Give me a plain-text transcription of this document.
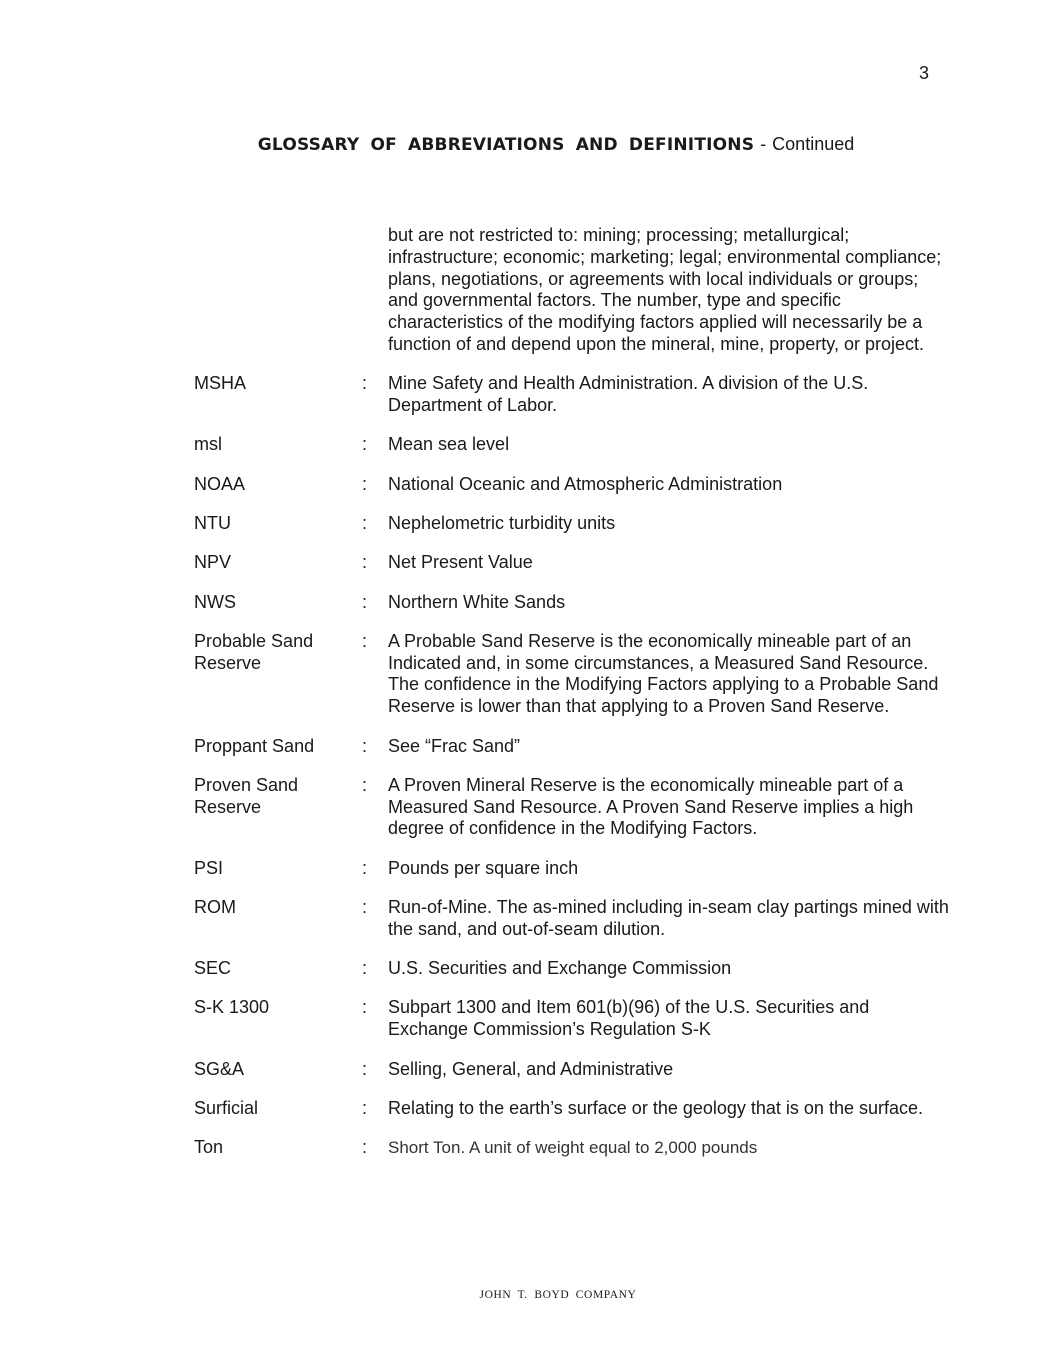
3
GLOSSARY OF ABBREVIATIONS AND DEFINITIONS - Continued
but are not restricted to: mining; processing; metallurgical; infrastructure; economic; marketing; legal; environmental compliance; plans, negotiations, or agreements with local individuals or groups; and governmental factors. The number, type and specific characteristics of the modifying factors applied will necessarily be a function of and depend upon the mineral, mine, property, or project.
MSHA	: Mine Safety and Health Administration. A division of the U.S. Department of Labor.
msl	: Mean sea level
NOAA	: National Oceanic and Atmospheric Administration
NTU	: Nephelometric turbidity units
NPV	: Net Present Value
NWS	: Northern White Sands
Probable Sand Reserve
: A Probable Sand Reserve is the economically mineable part of an Indicated and, in some circumstances, a Measured Sand Resource. The confidence in the Modifying Factors applying to a Probable Sand Reserve is lower than that applying to a Proven Sand Reserve.
Proppant Sand	: See “Frac Sand”
Proven Sand Reserve
: A Proven Mineral Reserve is the economically mineable part of a Measured Sand Resource. A Proven Sand Reserve implies a high degree of confidence in the Modifying Factors.
PSI	: Pounds per square inch
ROM	: Run-of-Mine. The as-mined including in-seam clay partings mined with the sand, and out-of-seam dilution.
SEC	: U.S. Securities and Exchange Commission
S-K 1300	: Subpart 1300 and Item 601(b)(96) of the U.S. Securities and Exchange Commission’s Regulation S-K
SG&A	: Selling, General, and Administrative
Surficial	: Relating to the earth’s surface or the geology that is on the surface.
Ton	: Short Ton. A unit of weight equal to 2,000 pounds
JOHN T. BOYD COMPANY
